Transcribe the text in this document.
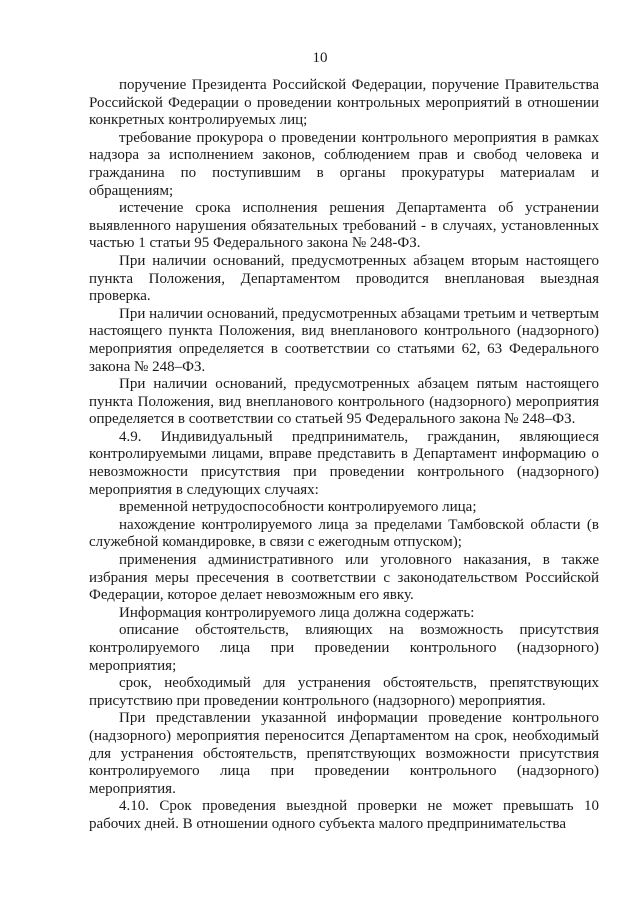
10

поручение Президента Российской Федерации, поручение Правительства Российской Федерации о проведении контрольных мероприятий в отношении конкретных контролируемых лиц;

требование прокурора о проведении контрольного мероприятия в рамках надзора за исполнением законов, соблюдением прав и свобод человека и гражданина по поступившим в органы прокуратуры материалам и обращениям;

истечение срока исполнения решения Департамента об устранении выявленного нарушения обязательных требований - в случаях, установленных частью 1 статьи 95 Федерального закона № 248-ФЗ.

При наличии оснований, предусмотренных абзацем вторым настоящего пункта Положения, Департаментом проводится внеплановая выездная проверка.

При наличии оснований, предусмотренных абзацами третьим и четвертым настоящего пункта Положения, вид внепланового контрольного (надзорного) мероприятия определяется в соответствии со статьями 62, 63 Федерального закона № 248–ФЗ.

При наличии оснований, предусмотренных абзацем пятым настоящего пункта Положения, вид внепланового контрольного (надзорного) мероприятия определяется в соответствии со статьей 95 Федерального закона № 248–ФЗ.

4.9. Индивидуальный предприниматель, гражданин, являющиеся контролируемыми лицами, вправе представить в Департамент информацию о невозможности присутствия при проведении контрольного (надзорного) мероприятия в следующих случаях:

временной нетрудоспособности контролируемого лица;

нахождение контролируемого лица за пределами Тамбовской области (в служебной командировке, в связи с ежегодным отпуском);

применения административного или уголовного наказания, в также избрания меры пресечения в соответствии с законодательством Российской Федерации, которое делает невозможным его явку.

Информация контролируемого лица должна содержать:

описание обстоятельств, влияющих на возможность присутствия контролируемого лица при проведении контрольного (надзорного) мероприятия;

срок, необходимый для устранения обстоятельств, препятствующих присутствию при проведении контрольного (надзорного) мероприятия.

При представлении указанной информации проведение контрольного (надзорного) мероприятия переносится Департаментом на срок, необходимый для устранения обстоятельств, препятствующих возможности присутствия контролируемого лица при проведении контрольного (надзорного) мероприятия.

4.10. Срок проведения выездной проверки не может превышать 10 рабочих дней. В отношении одного субъекта малого предпринимательства
